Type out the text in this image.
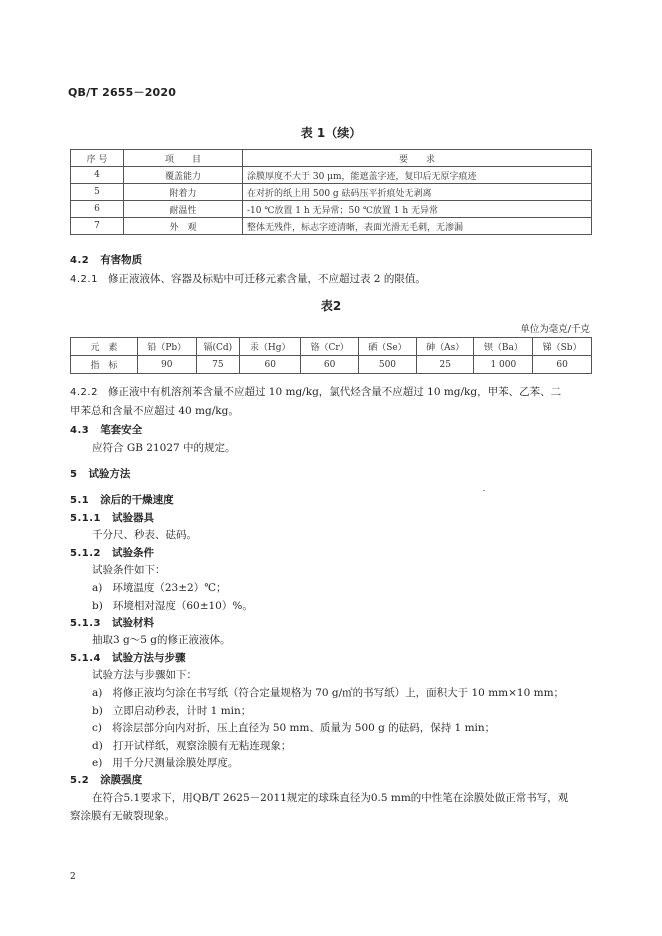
QB/T 2655－2020
表 1（续）
序 号	项　　目	要　　求
4	覆盖能力	涂膜厚度不大于 30 μm，能遮盖字迹，复印后无原字痕迹
5	附着力	在对折的纸上用 500 g 砝码压平折痕处无剥离
6	耐温性	-10 ℃放置 1 h 无异常；50 ℃放置 1 h 无异常
7	外　观	整体无残件，标志字迹清晰，表面光滑无毛刺，无渗漏
4.2 有害物质
4.2.1 修正液液体、容器及标贴中可迁移元素含量，不应超过表 2 的限值。
表2
单位为毫克/千克
元　素	铅（Pb）	镉(Cd)	汞（Hg）	铬（Cr）	硒（Se）	砷（As）	钡（Ba）	锑（Sb）
指　标	90	75	60	60	500	25	1 000	60
4.2.2 修正液中有机溶剂苯含量不应超过 10 mg/kg，氯代烃含量不应超过 10 mg/kg，甲苯、乙苯、二
甲苯总和含量不应超过 40 mg/kg。
4.3 笔套安全
应符合 GB 21027 中的规定。
5 试验方法
5.1 涂后的干燥速度
5.1.1 试验器具
千分尺、秒表、砝码。
5.1.2 试验条件
试验条件如下：
a) 环境温度（23±2）℃；
b) 环境相对湿度（60±10）%。
5.1.3 试验材料
抽取3 g～5 g的修正液液体。
5.1.4 试验方法与步骤
试验方法与步骤如下：
a) 将修正液均匀涂在书写纸（符合定量规格为 70 g/㎡的书写纸）上，面积大于 10 mm×10 mm；
b) 立即启动秒表，计时 1 min；
c) 将涂层部分向内对折，压上直径为 50 mm、质量为 500 g 的砝码，保持 1 min；
d) 打开试样纸，观察涂膜有无粘连现象；
e) 用千分尺测量涂膜处厚度。
5.2 涂膜强度
在符合5.1要求下，用QB/T 2625－2011规定的球珠直径为0.5 mm的中性笔在涂膜处做正常书写，观
察涂膜有无破裂现象。
2
